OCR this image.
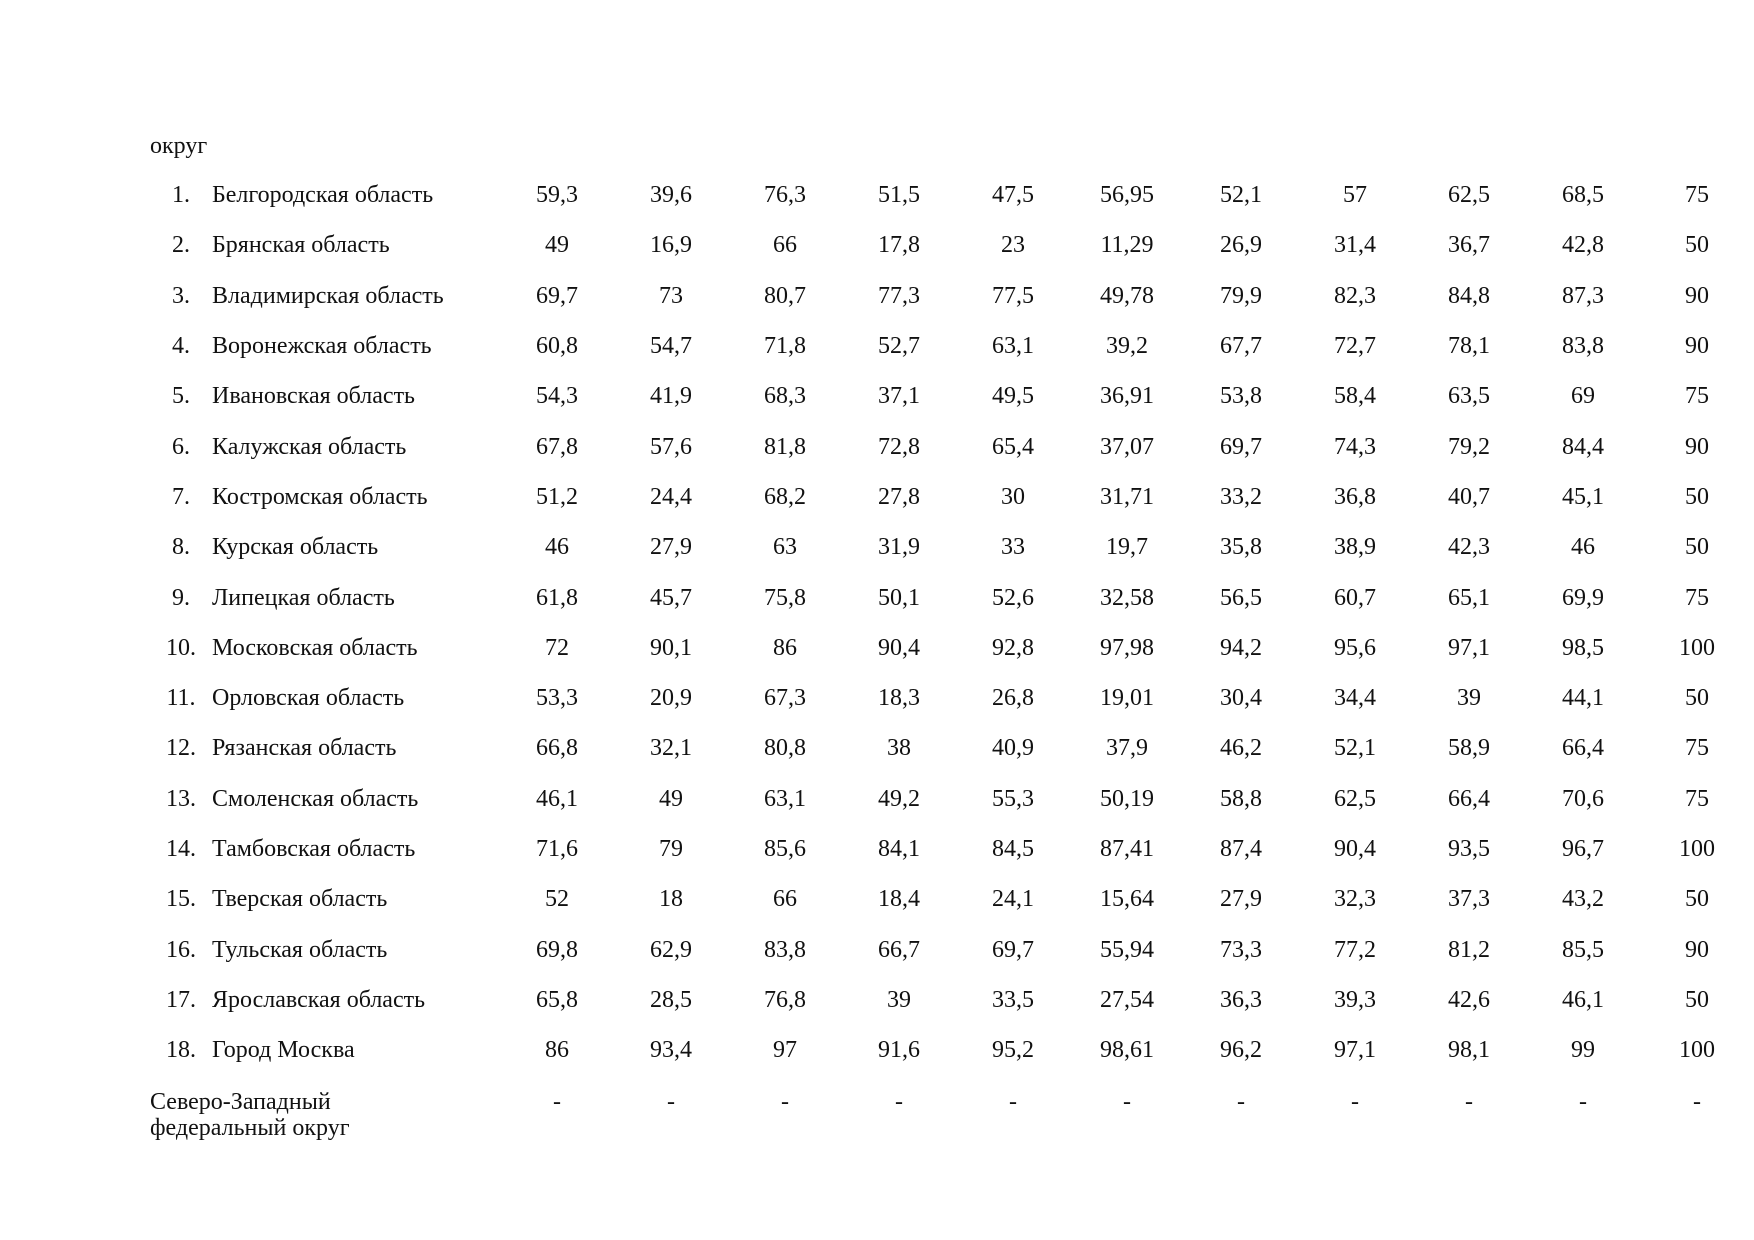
округ
1.	Белгородская область	59,3	39,6	76,3	51,5	47,5	56,95	52,1	57	62,5	68,5	75
2.	Брянская область	49	16,9	66	17,8	23	11,29	26,9	31,4	36,7	42,8	50
3.	Владимирская область	69,7	73	80,7	77,3	77,5	49,78	79,9	82,3	84,8	87,3	90
4.	Воронежская область	60,8	54,7	71,8	52,7	63,1	39,2	67,7	72,7	78,1	83,8	90
5.	Ивановская область	54,3	41,9	68,3	37,1	49,5	36,91	53,8	58,4	63,5	69	75
6.	Калужская область	67,8	57,6	81,8	72,8	65,4	37,07	69,7	74,3	79,2	84,4	90
7.	Костромская область	51,2	24,4	68,2	27,8	30	31,71	33,2	36,8	40,7	45,1	50
8.	Курская область	46	27,9	63	31,9	33	19,7	35,8	38,9	42,3	46	50
9.	Липецкая область	61,8	45,7	75,8	50,1	52,6	32,58	56,5	60,7	65,1	69,9	75
10.	Московская область	72	90,1	86	90,4	92,8	97,98	94,2	95,6	97,1	98,5	100
11.	Орловская область	53,3	20,9	67,3	18,3	26,8	19,01	30,4	34,4	39	44,1	50
12.	Рязанская область	66,8	32,1	80,8	38	40,9	37,9	46,2	52,1	58,9	66,4	75
13.	Смоленская область	46,1	49	63,1	49,2	55,3	50,19	58,8	62,5	66,4	70,6	75
14.	Тамбовская область	71,6	79	85,6	84,1	84,5	87,41	87,4	90,4	93,5	96,7	100
15.	Тверская область	52	18	66	18,4	24,1	15,64	27,9	32,3	37,3	43,2	50
16.	Тульская область	69,8	62,9	83,8	66,7	69,7	55,94	73,3	77,2	81,2	85,5	90
17.	Ярославская область	65,8	28,5	76,8	39	33,5	27,54	36,3	39,3	42,6	46,1	50
18.	Город Москва	86	93,4	97	91,6	95,2	98,61	96,2	97,1	98,1	99	100
Северо-Западный
федеральный округ		-	-	-	-	-	-	-	-	-	-	-
